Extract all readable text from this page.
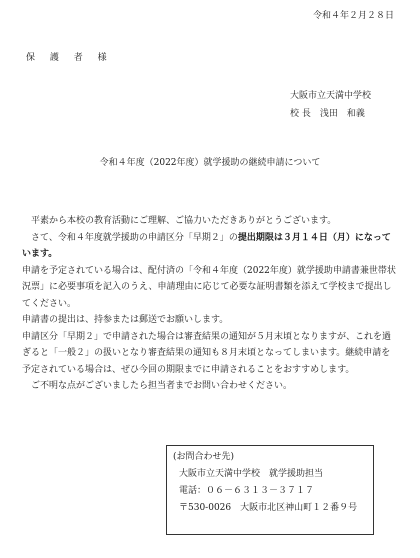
令和４年２月２８日
保 護 者 様
大阪市立天満中学校
校 長　浅田　和義
令和４年度（2022年度）就学援助の継続申請について

平素から本校の教育活動にご理解、ご協力いただきありがとうございます。

さて、令和４年度就学援助の申請区分「早期２」の提出期限は３月１４日（月）になっています。

申請を予定されている場合は、配付済の「令和４年度（2022年度）就学援助申請書兼世帯状況票」に必要事項を記入のうえ、申請理由に応じて必要な証明書類を添えて学校まで提出してください。

申請書の提出は、持参または郵送でお願いします。

申請区分「早期２」で申請された場合は審査結果の通知が５月末頃となりますが、これを過ぎると「一般２」の扱いとなり審査結果の通知も８月末頃となってしまいます。継続申請を予定されている場合は、ぜひ今回の期限までに申請されることをおすすめします。

ご不明な点がございましたら担当者までお問い合わせください。

(お問合わせ先)
大阪市立天満中学校　就学援助担当
電話：０６－６３１３－３７１７
〒530-0026　大阪市北区神山町１２番９号
